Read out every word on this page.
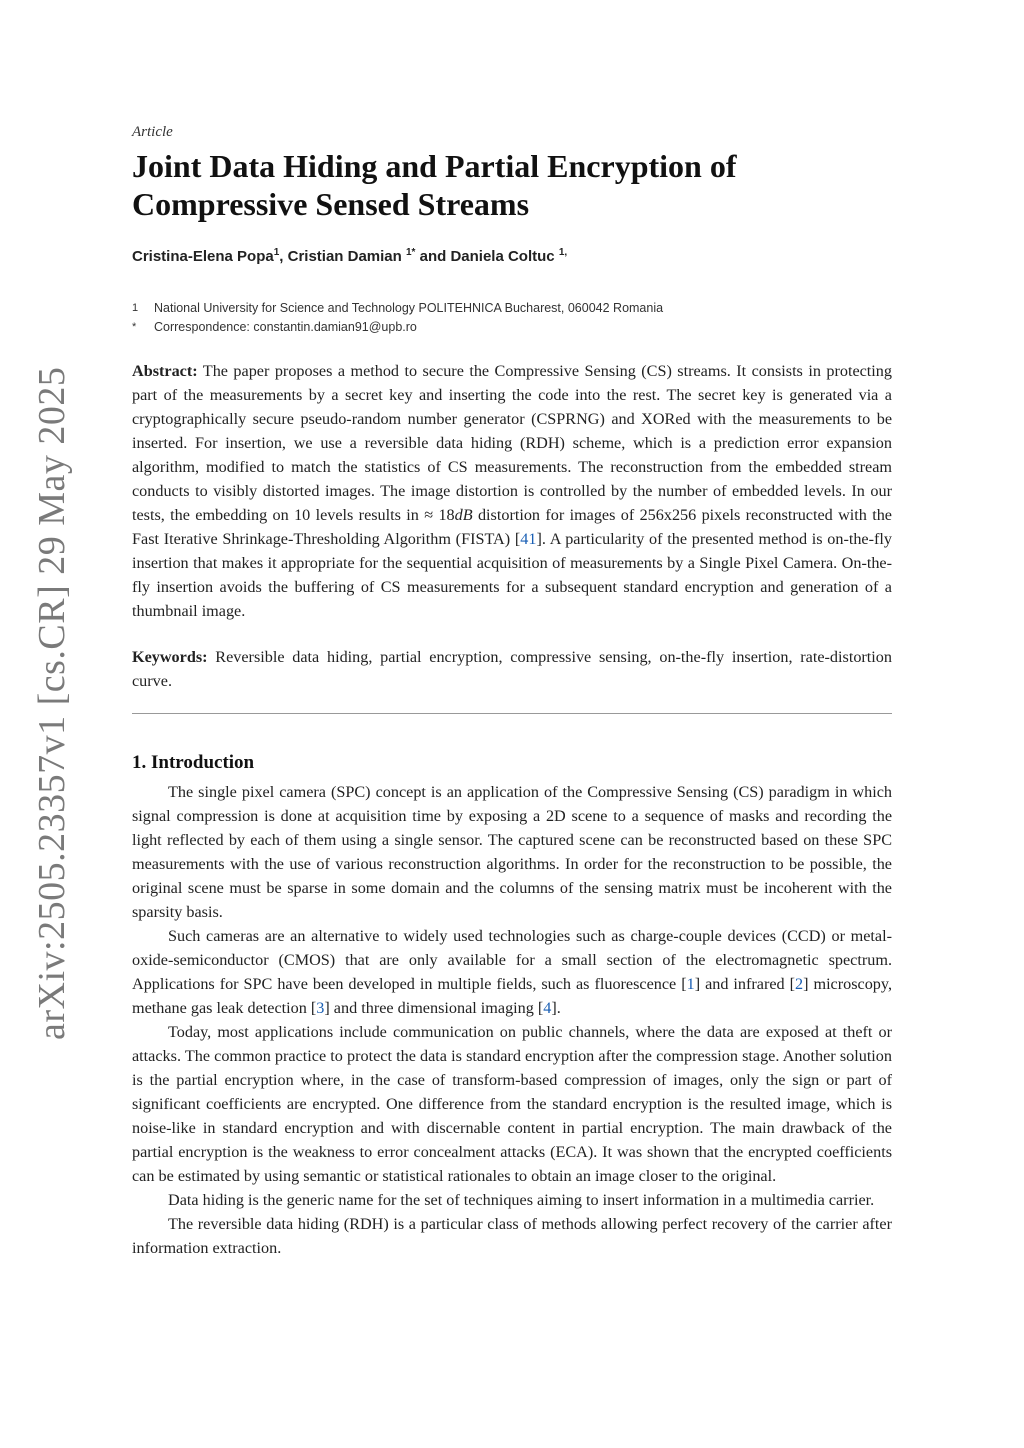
arXiv:2505.23357v1 [cs.CR] 29 May 2025
Article
Joint Data Hiding and Partial Encryption of Compressive Sensed Streams
Cristina-Elena Popa$^1$, Cristian Damian $^{1*}$ and Daniela Coltuc $^{1,}$
1	National University for Science and Technology POLITEHNICA Bucharest, 060042 Romania
*	Correspondence: constantin.damian91@upb.ro
Abstract: The paper proposes a method to secure the Compressive Sensing (CS) streams. It consists in protecting part of the measurements by a secret key and inserting the code into the rest. The secret key is generated via a cryptographically secure pseudo-random number generator (CSPRNG) and XORed with the measurements to be inserted. For insertion, we use a reversible data hiding (RDH) scheme, which is a prediction error expansion algorithm, modified to match the statistics of CS measurements. The reconstruction from the embedded stream conducts to visibly distorted images. The image distortion is controlled by the number of embedded levels. In our tests, the embedding on 10 levels results in ≈ 18dB distortion for images of 256x256 pixels reconstructed with the Fast Iterative Shrinkage-Thresholding Algorithm (FISTA) [41]. A particularity of the presented method is on-the-fly insertion that makes it appropriate for the sequential acquisition of measurements by a Single Pixel Camera. On-the-fly insertion avoids the buffering of CS measurements for a subsequent standard encryption and generation of a thumbnail image.
Keywords: Reversible data hiding, partial encryption, compressive sensing, on-the-fly insertion, rate-distortion curve.
1. Introduction

The single pixel camera (SPC) concept is an application of the Compressive Sensing (CS) paradigm in which signal compression is done at acquisition time by exposing a 2D scene to a sequence of masks and recording the light reflected by each of them using a single sensor. The captured scene can be reconstructed based on these SPC measurements with the use of various reconstruction algorithms. In order for the reconstruction to be possible, the original scene must be sparse in some domain and the columns of the sensing matrix must be incoherent with the sparsity basis.

Such cameras are an alternative to widely used technologies such as charge-couple devices (CCD) or metal-oxide-semiconductor (CMOS) that are only available for a small section of the electromagnetic spectrum. Applications for SPC have been developed in multiple fields, such as fluorescence [1] and infrared [2] microscopy, methane gas leak detection [3] and three dimensional imaging [4].

Today, most applications include communication on public channels, where the data are exposed at theft or attacks. The common practice to protect the data is standard encryption after the compression stage. Another solution is the partial encryption where, in the case of transform-based compression of images, only the sign or part of significant coefficients are encrypted. One difference from the standard encryption is the resulted image, which is noise-like in standard encryption and with discernable content in partial encryption. The main drawback of the partial encryption is the weakness to error concealment attacks (ECA). It was shown that the encrypted coefficients can be estimated by using semantic or statistical rationales to obtain an image closer to the original.

Data hiding is the generic name for the set of techniques aiming to insert information in a multimedia carrier.

The reversible data hiding (RDH) is a particular class of methods allowing perfect recovery of the carrier after information extraction.
